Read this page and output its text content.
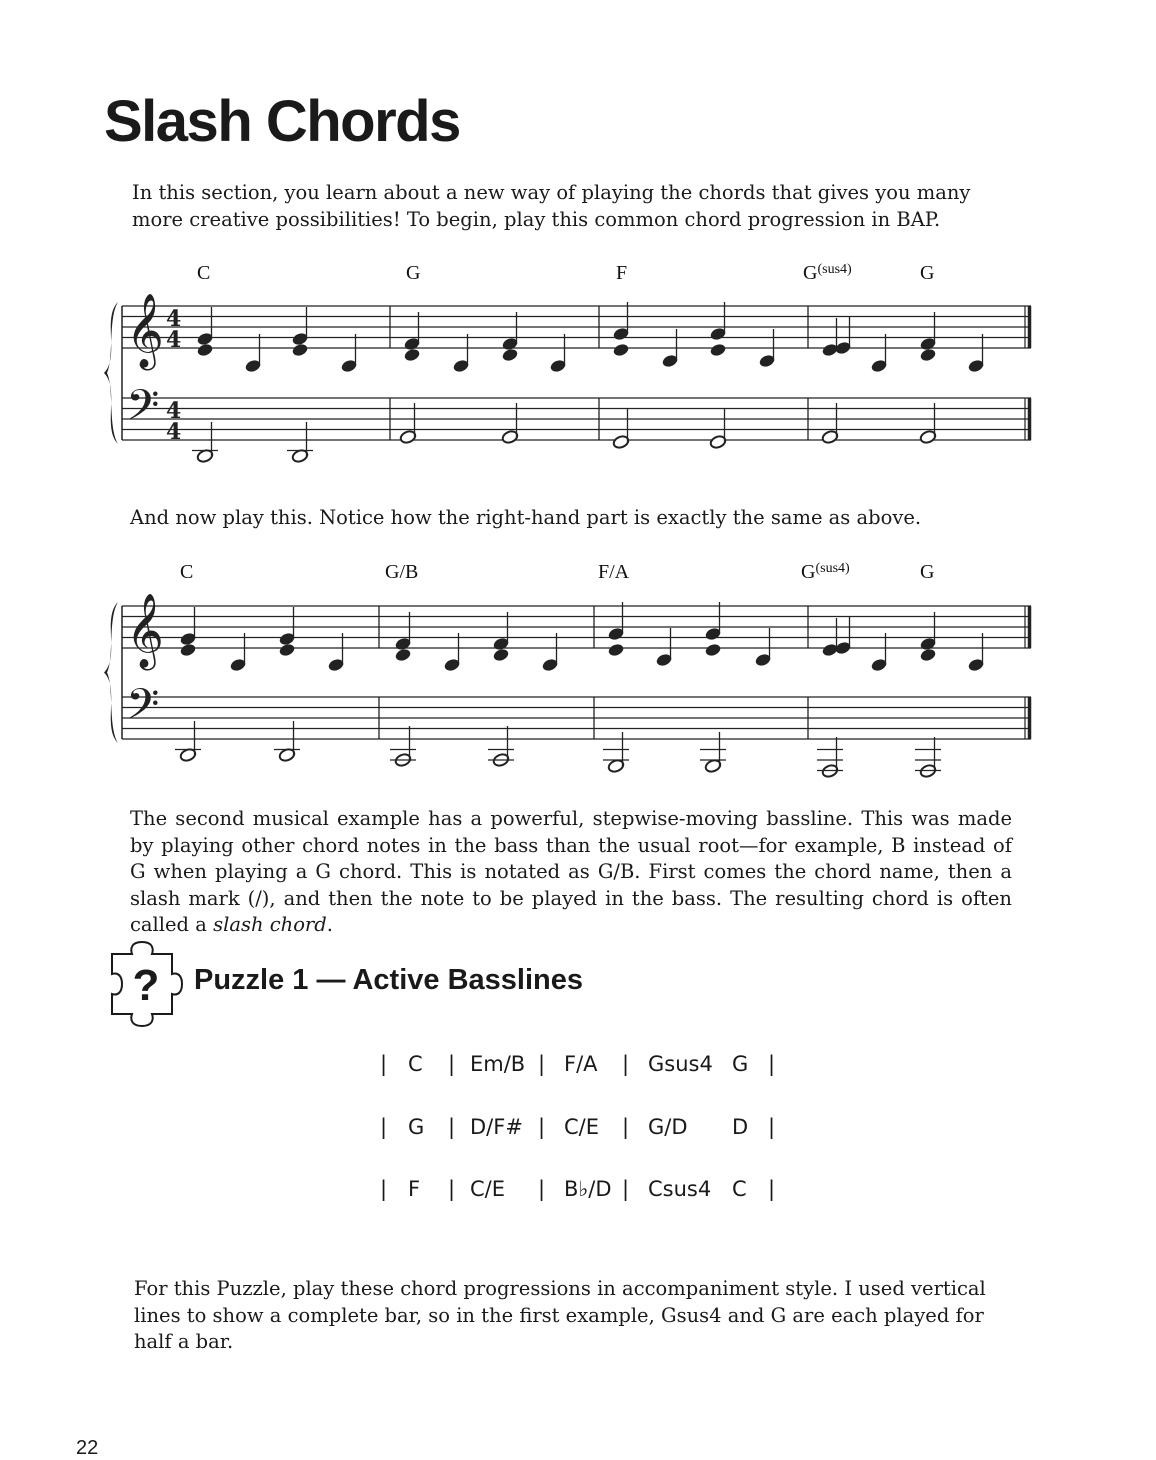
Slash Chords

In this section, you learn about a new way of playing the chords that gives you many more creative possibilities! To begin, play this common chord progression in BAP.

C	G	F	$G^{(sus4)}$	G

And now play this. Notice how the right-hand part is exactly the same as above.

C	G/B	F/A	$G^{(sus4)}$	G
𝄞
𝄢
4
4
4
4
𝄞
𝄢

The second musical example has a powerful, stepwise-moving bassline. This was made by playing other chord notes in the bass than the usual root—for example, B instead of G when playing a G chord. This is notated as G/B. First comes the chord name, then a slash mark (/), and then the note to be played in the bass. The resulting chord is often called a slash chord.

? Puzzle 1 — Active Basslines
| C | Em/B | F/A | Gsus4 G |
| G | D/F# | C/E | G/D D |
| F | C/E | B♭/D | Csus4 C |

For this Puzzle, play these chord progressions in accompaniment style. I used vertical lines to show a complete bar, so in the first example, Gsus4 and G are each played for half a bar.

22
